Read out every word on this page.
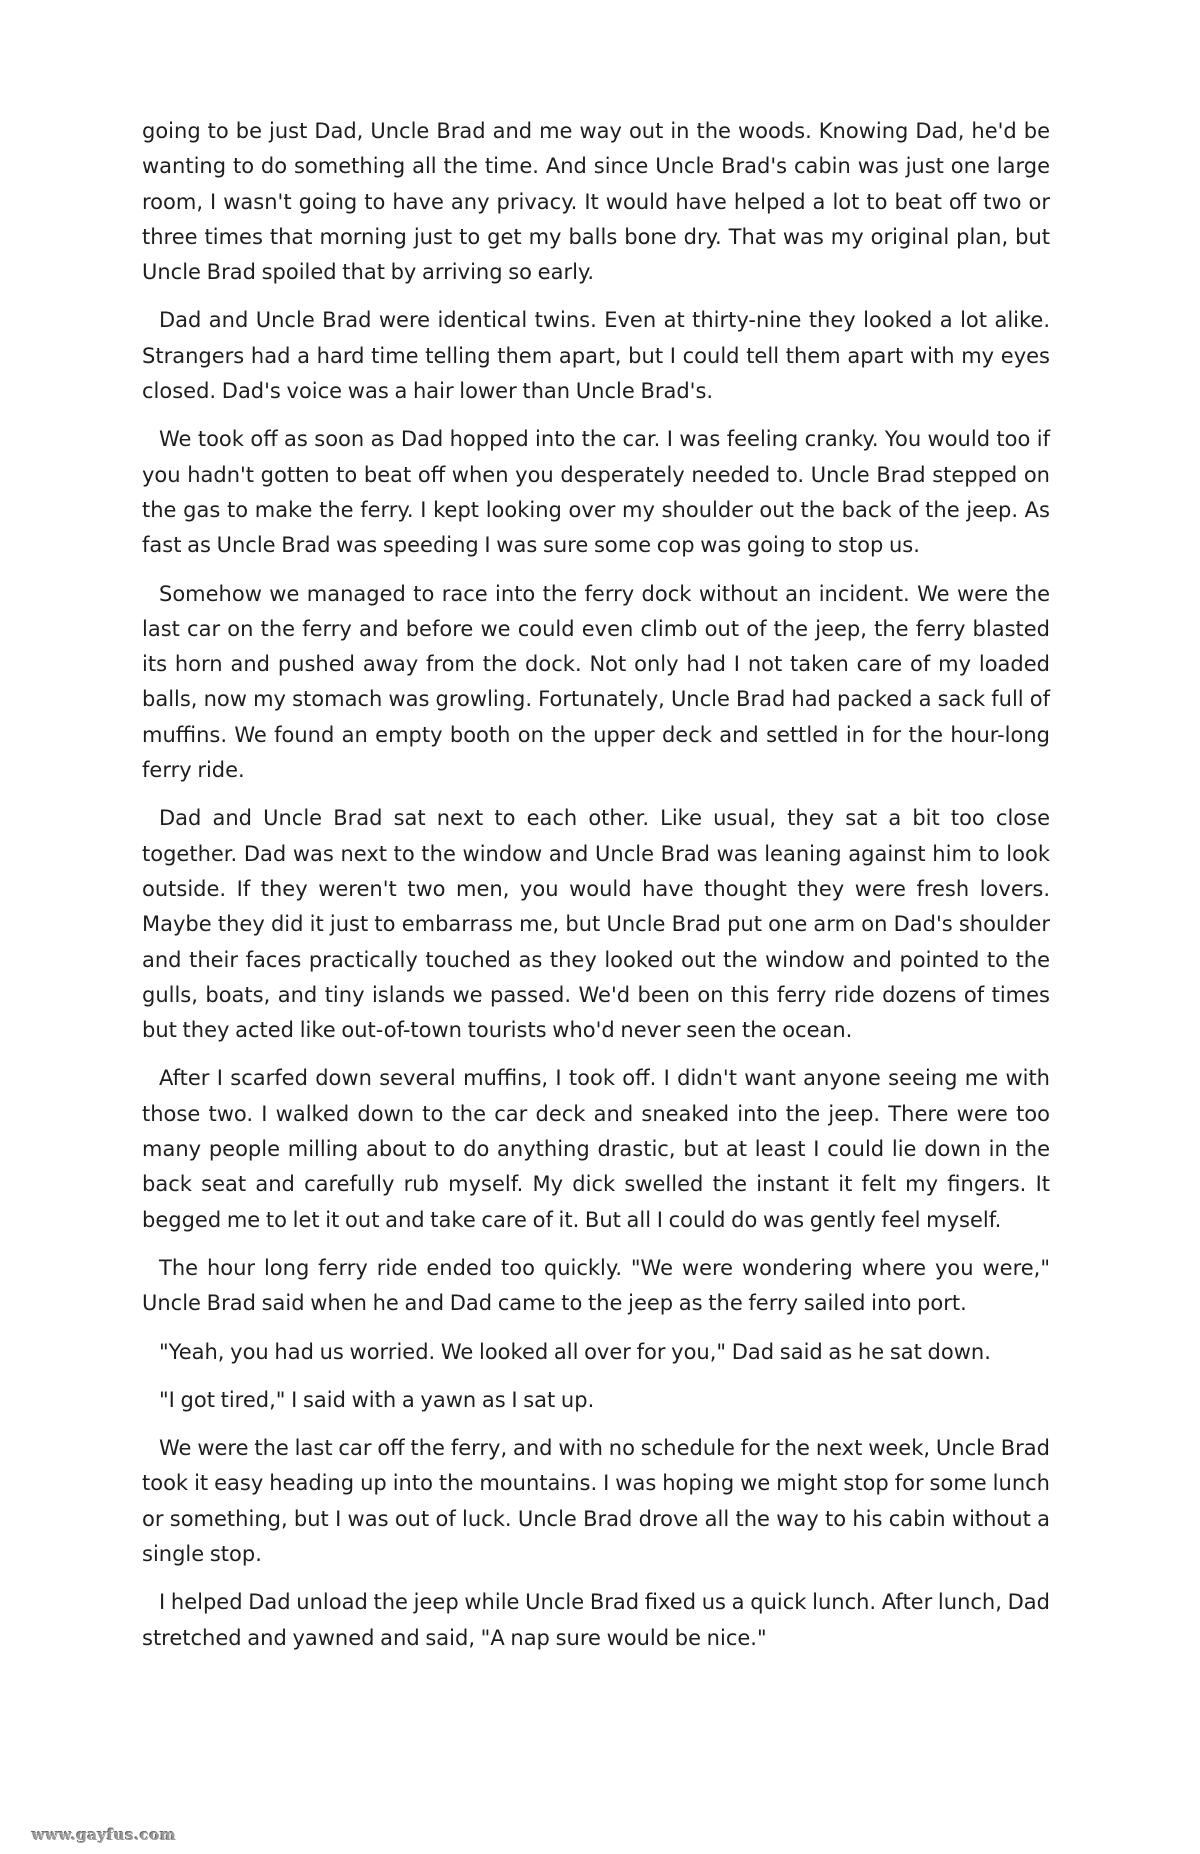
going to be just Dad, Uncle Brad and me way out in the woods. Knowing Dad, he'd be wanting to do something all the time. And since Uncle Brad's cabin was just one large room, I wasn't going to have any privacy. It would have helped a lot to beat off two or three times that morning just to get my balls bone dry. That was my original plan, but Uncle Brad spoiled that by arriving so early.

Dad and Uncle Brad were identical twins. Even at thirty-nine they looked a lot alike. Strangers had a hard time telling them apart, but I could tell them apart with my eyes closed. Dad's voice was a hair lower than Uncle Brad's.

We took off as soon as Dad hopped into the car. I was feeling cranky. You would too if you hadn't gotten to beat off when you desperately needed to. Uncle Brad stepped on the gas to make the ferry. I kept looking over my shoulder out the back of the jeep. As fast as Uncle Brad was speeding I was sure some cop was going to stop us.

Somehow we managed to race into the ferry dock without an incident. We were the last car on the ferry and before we could even climb out of the jeep, the ferry blasted its horn and pushed away from the dock. Not only had I not taken care of my loaded balls, now my stomach was growling. Fortunately, Uncle Brad had packed a sack full of muffins. We found an empty booth on the upper deck and settled in for the hour-long ferry ride.

Dad and Uncle Brad sat next to each other. Like usual, they sat a bit too close together. Dad was next to the window and Uncle Brad was leaning against him to look outside. If they weren't two men, you would have thought they were fresh lovers. Maybe they did it just to embarrass me, but Uncle Brad put one arm on Dad's shoulder and their faces practically touched as they looked out the window and pointed to the gulls, boats, and tiny islands we passed. We'd been on this ferry ride dozens of times but they acted like out-of-town tourists who'd never seen the ocean.

After I scarfed down several muffins, I took off. I didn't want anyone seeing me with those two. I walked down to the car deck and sneaked into the jeep. There were too many people milling about to do anything drastic, but at least I could lie down in the back seat and carefully rub myself. My dick swelled the instant it felt my fingers. It begged me to let it out and take care of it. But all I could do was gently feel myself.

The hour long ferry ride ended too quickly. "We were wondering where you were," Uncle Brad said when he and Dad came to the jeep as the ferry sailed into port.

"Yeah, you had us worried. We looked all over for you," Dad said as he sat down.

"I got tired," I said with a yawn as I sat up.

We were the last car off the ferry, and with no schedule for the next week, Uncle Brad took it easy heading up into the mountains. I was hoping we might stop for some lunch or something, but I was out of luck. Uncle Brad drove all the way to his cabin without a single stop.

I helped Dad unload the jeep while Uncle Brad fixed us a quick lunch. After lunch, Dad stretched and yawned and said, "A nap sure would be nice."

www.gayfus.com
